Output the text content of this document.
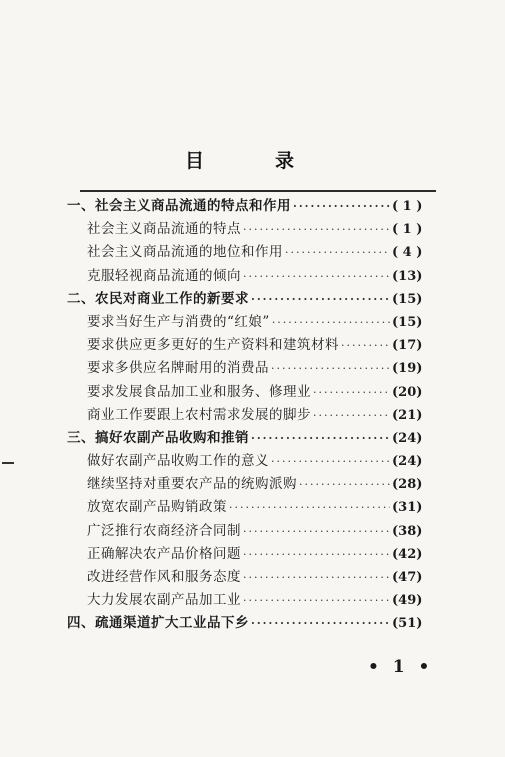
目　录
一、社会主义商品流通的特点和作用 ·····	( 1 )
社会主义商品流通的特点 ·····	( 1 )
社会主义商品流通的地位和作用 ·····	( 4 )
克服轻视商品流通的倾向 ·····	(13)
二、农民对商业工作的新要求 ·····	(15)
要求当好生产与消费的“红娘” ·····	(15)
要求供应更多更好的生产资料和建筑材料 ·····	(17)
要求多供应名牌耐用的消费品 ·····	(19)
要求发展食品加工业和服务、修理业 ·····	(20)
商业工作要跟上农村需求发展的脚步 ·····	(21)
三、搞好农副产品收购和推销 ·····	(24)
做好农副产品收购工作的意义 ·····	(24)
继续坚持对重要农产品的统购派购 ·····	(28)
放宽农副产品购销政策 ·····	(31)
广泛推行农商经济合同制 ·····	(38)
正确解决农产品价格问题 ·····	(42)
改进经营作风和服务态度 ·····	(47)
大力发展农副产品加工业 ·····	(49)
四、疏通渠道扩大工业品下乡 ·····	(51)
• 1 •
